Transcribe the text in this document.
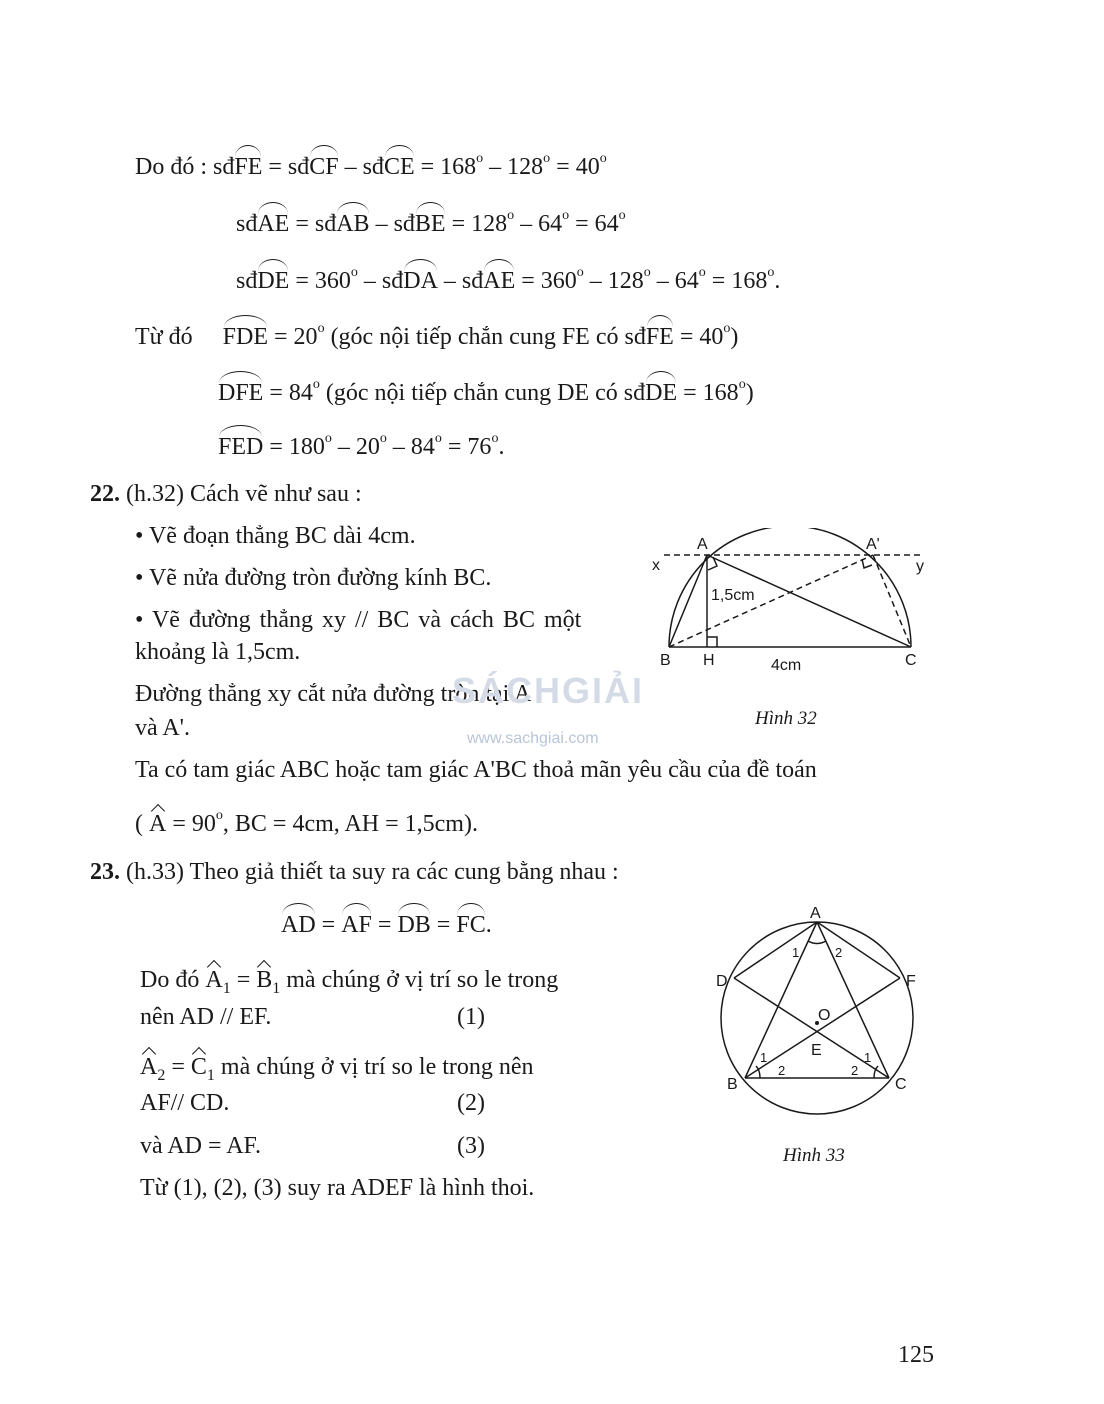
Do đó : sđFE = sđCF – sđCE = $168^o - 128^o = 40^o$
sđAE = sđAB – sđBE = $128^o - 64^o = 64^o$
sđDE = $360^o$ – sđDA – sđAE = $360^o - 128^o - 64^o = 168^o$.
Từ đó FDE = $20^o$ (góc nội tiếp chắn cung FE có sđFE = $40^o$)
DFE = $84^o$ (góc nội tiếp chắn cung DE có sđDE = $168^o$)
FED = $180^o - 20^o - 84^o = 76^o$.
22. (h.32) Cách vẽ như sau :
• Vẽ đoạn thẳng BC dài 4cm.
• Vẽ nửa đường tròn đường kính BC.
• Vẽ đường thẳng xy // BC và cách BC một
khoảng là 1,5cm.
Đường thẳng xy cắt nửa đường tròn tại A
và A'.
Ta có tam giác ABC hoặc tam giác A'BC thoả mãn yêu cầu của đề toán
( $A = 90^o$, BC = 4cm, AH = 1,5cm).
SÁCHGIẢI
www.sachgiai.com
A	A'
x	y
B H	C
1,5cm
4cm
Hình 32
23. (h.33) Theo giả thiết ta suy ra các cung bằng nhau :
AD = AF = DB = FC.
Do đó $A_1 = B_1$ mà chúng ở vị trí so le trong
nên AD // EF.	(1)
$A_2 = C_1$ mà chúng ở vị trí so le trong nên
AF// CD.	(2)
và AD = AF.	(3)
Từ (1), (2), (3) suy ra ADEF là hình thoi.
A
D	F
O
E
B	C
1	2
1
2
1
2
Hình 33
125
